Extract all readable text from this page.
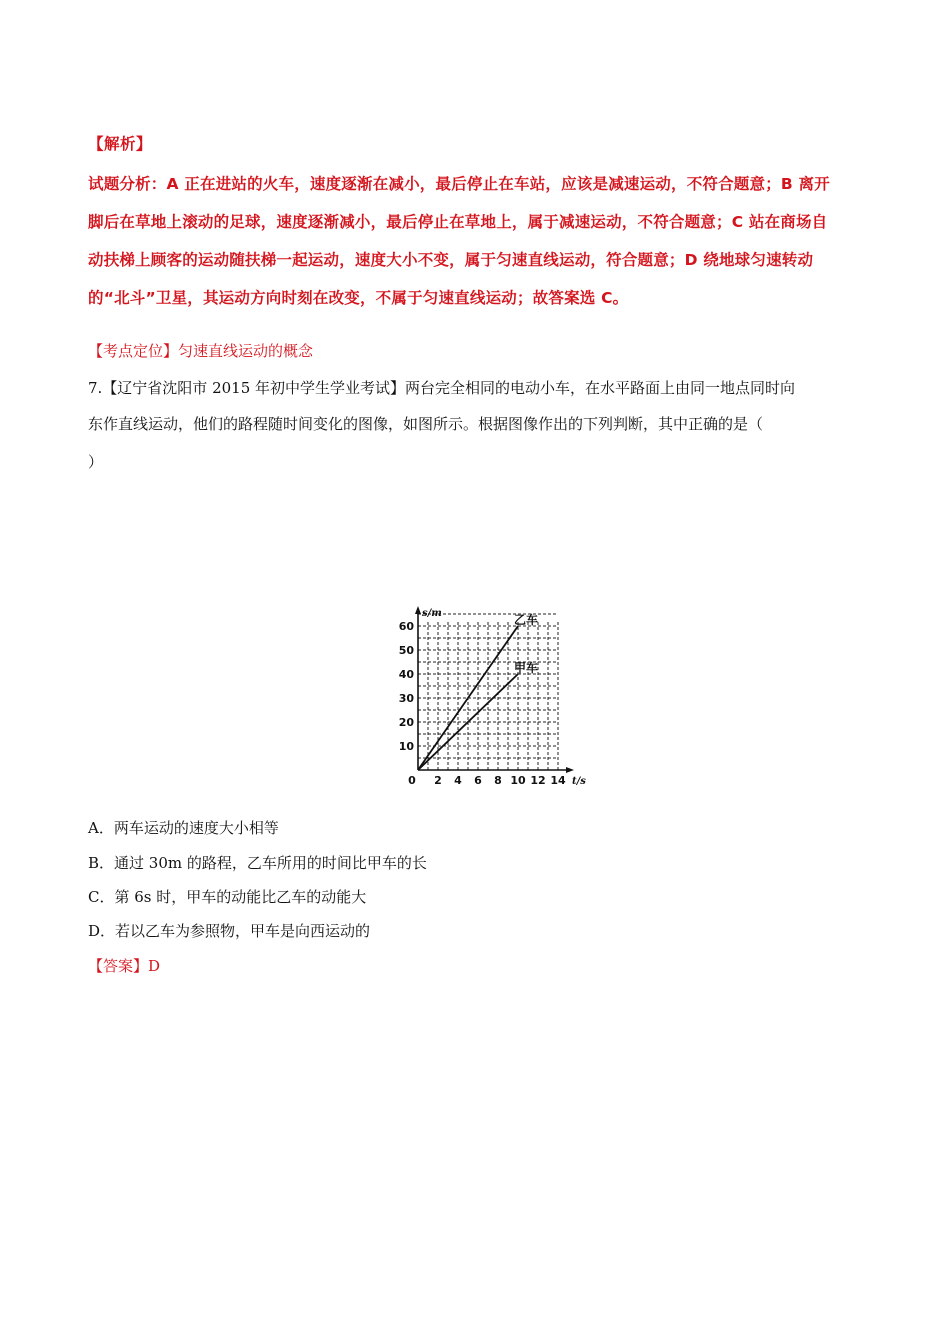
【解析】
试题分析：A 正在进站的火车，速度逐渐在减小，最后停止在车站，应该是减速运动，不符合题意；B 离开
脚后在草地上滚动的足球，速度逐渐减小，最后停止在草地上，属于减速运动，不符合题意；C 站在商场自
动扶梯上顾客的运动随扶梯一起运动，速度大小不变，属于匀速直线运动，符合题意；D 绕地球匀速转动
的“北斗”卫星，其运动方向时刻在改变，不属于匀速直线运动；故答案选 C。
【考点定位】匀速直线运动的概念
7.【辽宁省沈阳市 2015 年初中学生学业考试】两台完全相同的电动小车，在水平路面上由同一地点同时向
东作直线运动，他们的路程随时间变化的图像，如图所示。根据图像作出的下列判断，其中正确的是（
）
10
20
30
40
50
60
0 2 4 6 8 10 12 14
s/m
t/s
乙车
甲车
A．两车运动的速度大小相等
B．通过 30m 的路程，乙车所用的时间比甲车的长
C．第 6s 时，甲车的动能比乙车的动能大
D．若以乙车为参照物，甲车是向西运动的
【答案】D
